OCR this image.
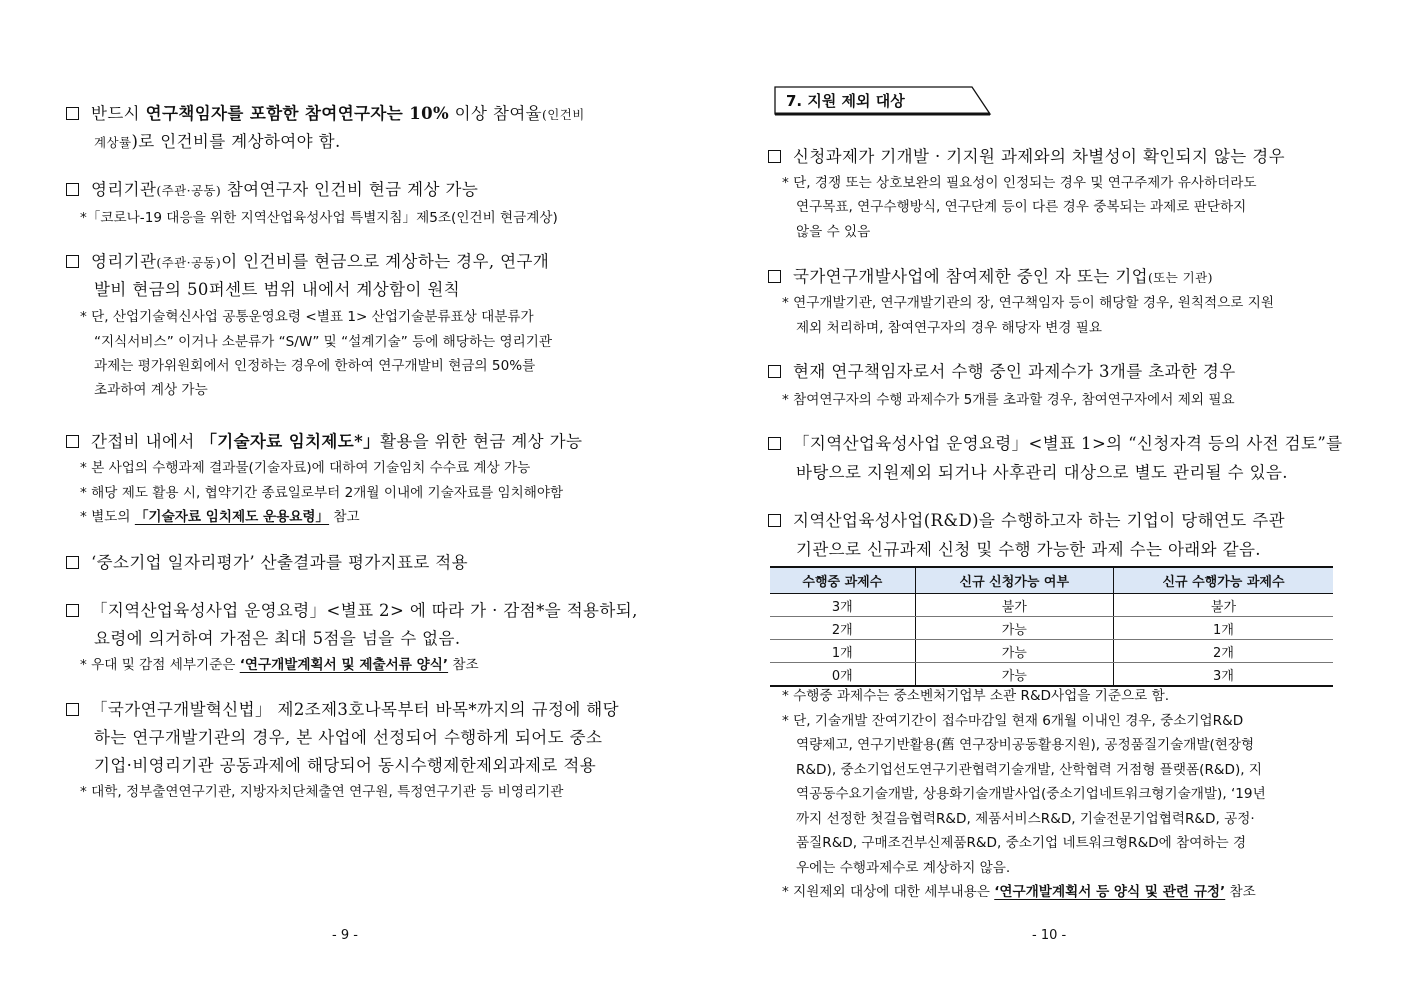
반드시 연구책임자를 포함한 참여연구자는 10% 이상 참여율(인건비
계상률)로 인건비를 계상하여야 함.
영리기관(주관·공동) 참여연구자 인건비 현금 계상 가능
*「코로나-19 대응을 위한 지역산업육성사업 특별지침」제5조(인건비 현금계상)
영리기관(주관·공동)이 인건비를 현금으로 계상하는 경우, 연구개
발비 현금의 50퍼센트 범위 내에서 계상함이 원칙
* 단, 산업기술혁신사업 공통운영요령 <별표 1> 산업기술분류표상 대분류가
“지식서비스” 이거나 소분류가 “S/W” 및 “설계기술” 등에 해당하는 영리기관
과제는 평가위원회에서 인정하는 경우에 한하여 연구개발비 현금의 50%를
초과하여 계상 가능
간접비 내에서 「기술자료 임치제도*」활용을 위한 현금 계상 가능
* 본 사업의 수행과제 결과물(기술자료)에 대하여 기술임치 수수료 계상 가능
* 해당 제도 활용 시, 협약기간 종료일로부터 2개월 이내에 기술자료를 임치해야함
* 별도의 「기술자료 임치제도 운용요령」 참고
‘중소기업 일자리평가’ 산출결과를 평가지표로 적용
「지역산업육성사업 운영요령」<별표 2> 에 따라 가 · 감점*을 적용하되,
요령에 의거하여 가점은 최대 5점을 넘을 수 없음.
* 우대 및 감점 세부기준은 ‘연구개발계획서 및 제출서류 양식’ 참조
「국가연구개발혁신법」 제2조제3호나목부터 바목*까지의 규정에 해당
하는 연구개발기관의 경우, 본 사업에 선정되어 수행하게 되어도 중소
기업·비영리기관 공동과제에 해당되어 동시수행제한제외과제로 적용
* 대학, 정부출연연구기관, 지방자치단체출연 연구원, 특정연구기관 등 비영리기관
- 9 -
7. 지원 제외 대상
신청과제가 기개발 · 기지원 과제와의 차별성이 확인되지 않는 경우
* 단, 경쟁 또는 상호보완의 필요성이 인정되는 경우 및 연구주제가 유사하더라도
연구목표, 연구수행방식, 연구단계 등이 다른 경우 중복되는 과제로 판단하지
않을 수 있음
국가연구개발사업에 참여제한 중인 자 또는 기업(또는 기관)
* 연구개발기관, 연구개발기관의 장, 연구책임자 등이 해당할 경우, 원칙적으로 지원
제외 처리하며, 참여연구자의 경우 해당자 변경 필요
현재 연구책임자로서 수행 중인 과제수가 3개를 초과한 경우
* 참여연구자의 수행 과제수가 5개를 초과할 경우, 참여연구자에서 제외 필요
「지역산업육성사업 운영요령」<별표 1>의 “신청자격 등의 사전 검토”를
바탕으로 지원제외 되거나 사후관리 대상으로 별도 관리될 수 있음.
지역산업육성사업(R&D)을 수행하고자 하는 기업이 당해연도 주관
기관으로 신규과제 신청 및 수행 가능한 과제 수는 아래와 같음.
수행중 과제수	신규 신청가능 여부	신규 수행가능 과제수
3개	불가	불가
2개	가능	1개
1개	가능	2개
0개	가능	3개
* 수행중 과제수는 중소벤처기업부 소관 R&D사업을 기준으로 함.
* 단, 기술개발 잔여기간이 접수마감일 현재 6개월 이내인 경우, 중소기업R&D
역량제고, 연구기반활용(舊 연구장비공동활용지원), 공정품질기술개발(현장형
R&D), 중소기업선도연구기관협력기술개발, 산학협력 거점형 플랫폼(R&D), 지
역공동수요기술개발, 상용화기술개발사업(중소기업네트워크형기술개발), ‘19년
까지 선정한 첫걸음협력R&D, 제품서비스R&D, 기술전문기업협력R&D, 공정·
품질R&D, 구매조건부신제품R&D, 중소기업 네트워크형R&D에 참여하는 경
우에는 수행과제수로 계상하지 않음.
* 지원제외 대상에 대한 세부내용은 ‘연구개발계획서 등 양식 및 관련 규정’ 참조
- 10 -
